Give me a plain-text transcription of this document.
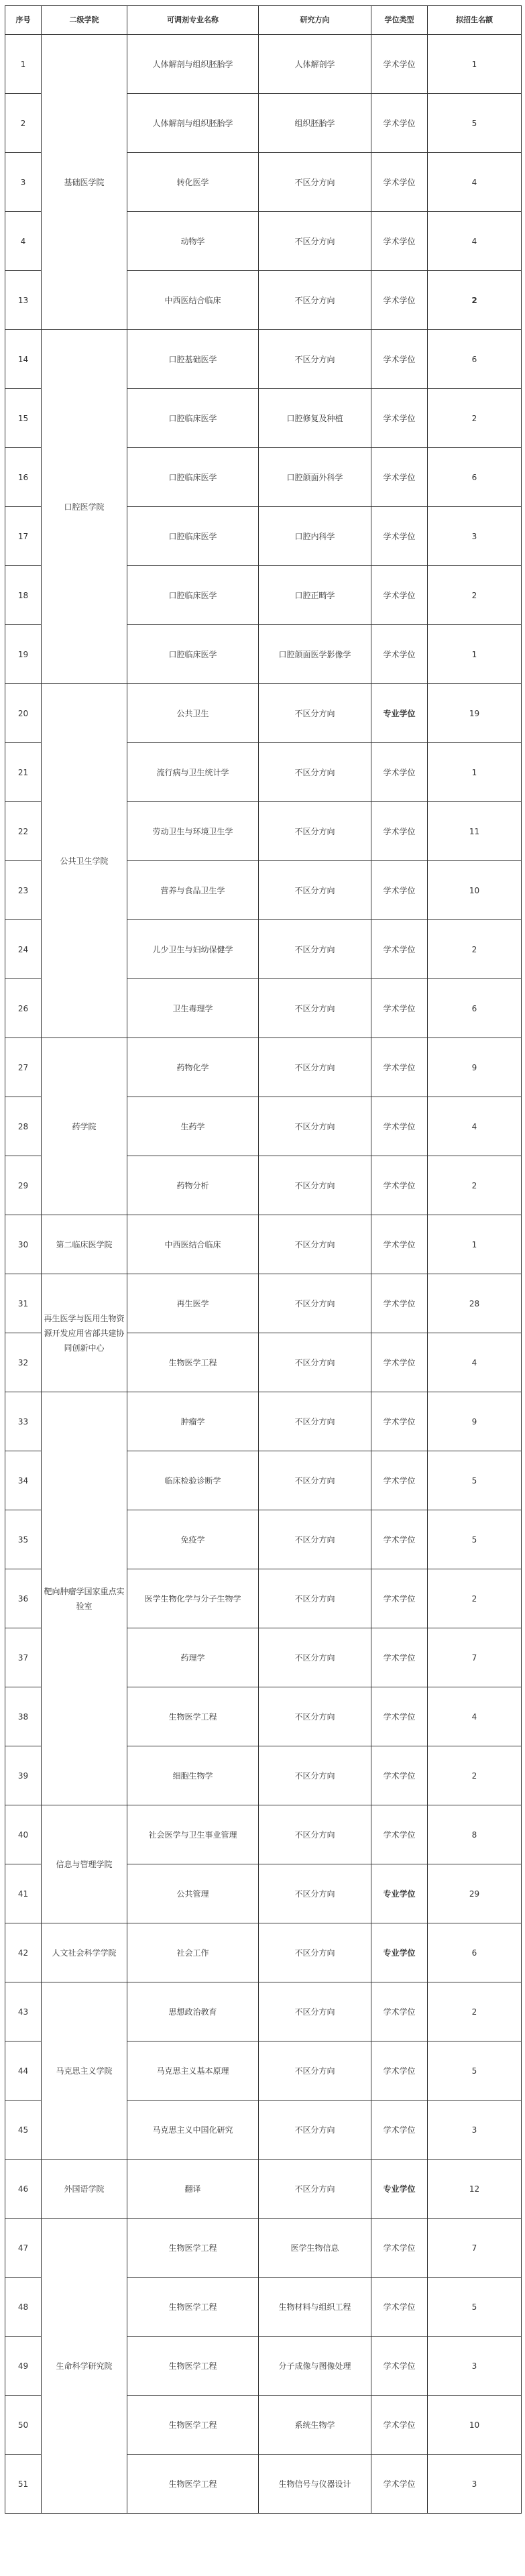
序号	二级学院	可调剂专业名称	研究方向	学位类型	拟招生名额
1	基础医学院	人体解剖与组织胚胎学	人体解剖学	学术学位	1
2		人体解剖与组织胚胎学	组织胚胎学	学术学位	5
3		转化医学	不区分方向	学术学位	4
4		动物学	不区分方向	学术学位	4
13		中西医结合临床	不区分方向	学术学位	2
14	口腔医学院	口腔基础医学	不区分方向	学术学位	6
15		口腔临床医学	口腔修复及种植	学术学位	2
16		口腔临床医学	口腔颌面外科学	学术学位	6
17		口腔临床医学	口腔内科学	学术学位	3
18		口腔临床医学	口腔正畸学	学术学位	2
19		口腔临床医学	口腔颌面医学影像学	学术学位	1
20	公共卫生学院	公共卫生	不区分方向	专业学位	19
21		流行病与卫生统计学	不区分方向	学术学位	1
22		劳动卫生与环境卫生学	不区分方向	学术学位	11
23		营养与食品卫生学	不区分方向	学术学位	10
24		儿少卫生与妇幼保健学	不区分方向	学术学位	2
26		卫生毒理学	不区分方向	学术学位	6
27	药学院	药物化学	不区分方向	学术学位	9
28		生药学	不区分方向	学术学位	4
29		药物分析	不区分方向	学术学位	2
30	第二临床医学院	中西医结合临床	不区分方向	学术学位	1
31	再生医学与医用生物资源开发应用省部共建协同创新中心	再生医学	不区分方向	学术学位	28
32		生物医学工程	不区分方向	学术学位	4
33	靶向肿瘤学国家重点实验室	肿瘤学	不区分方向	学术学位	9
34		临床检验诊断学	不区分方向	学术学位	5
35		免疫学	不区分方向	学术学位	5
36		医学生物化学与分子生物学	不区分方向	学术学位	2
37		药理学	不区分方向	学术学位	7
38		生物医学工程	不区分方向	学术学位	4
39		细胞生物学	不区分方向	学术学位	2
40	信息与管理学院	社会医学与卫生事业管理	不区分方向	学术学位	8
41		公共管理	不区分方向	专业学位	29
42	人文社会科学学院	社会工作	不区分方向	专业学位	6
43	马克思主义学院	思想政治教育	不区分方向	学术学位	2
44		马克思主义基本原理	不区分方向	学术学位	5
45		马克思主义中国化研究	不区分方向	学术学位	3
46	外国语学院	翻译	不区分方向	专业学位	12
47	生命科学研究院	生物医学工程	医学生物信息	学术学位	7
48		生物医学工程	生物材料与组织工程	学术学位	5
49		生物医学工程	分子成像与图像处理	学术学位	3
50		生物医学工程	系统生物学	学术学位	10
51		生物医学工程	生物信号与仪器设计	学术学位	3
